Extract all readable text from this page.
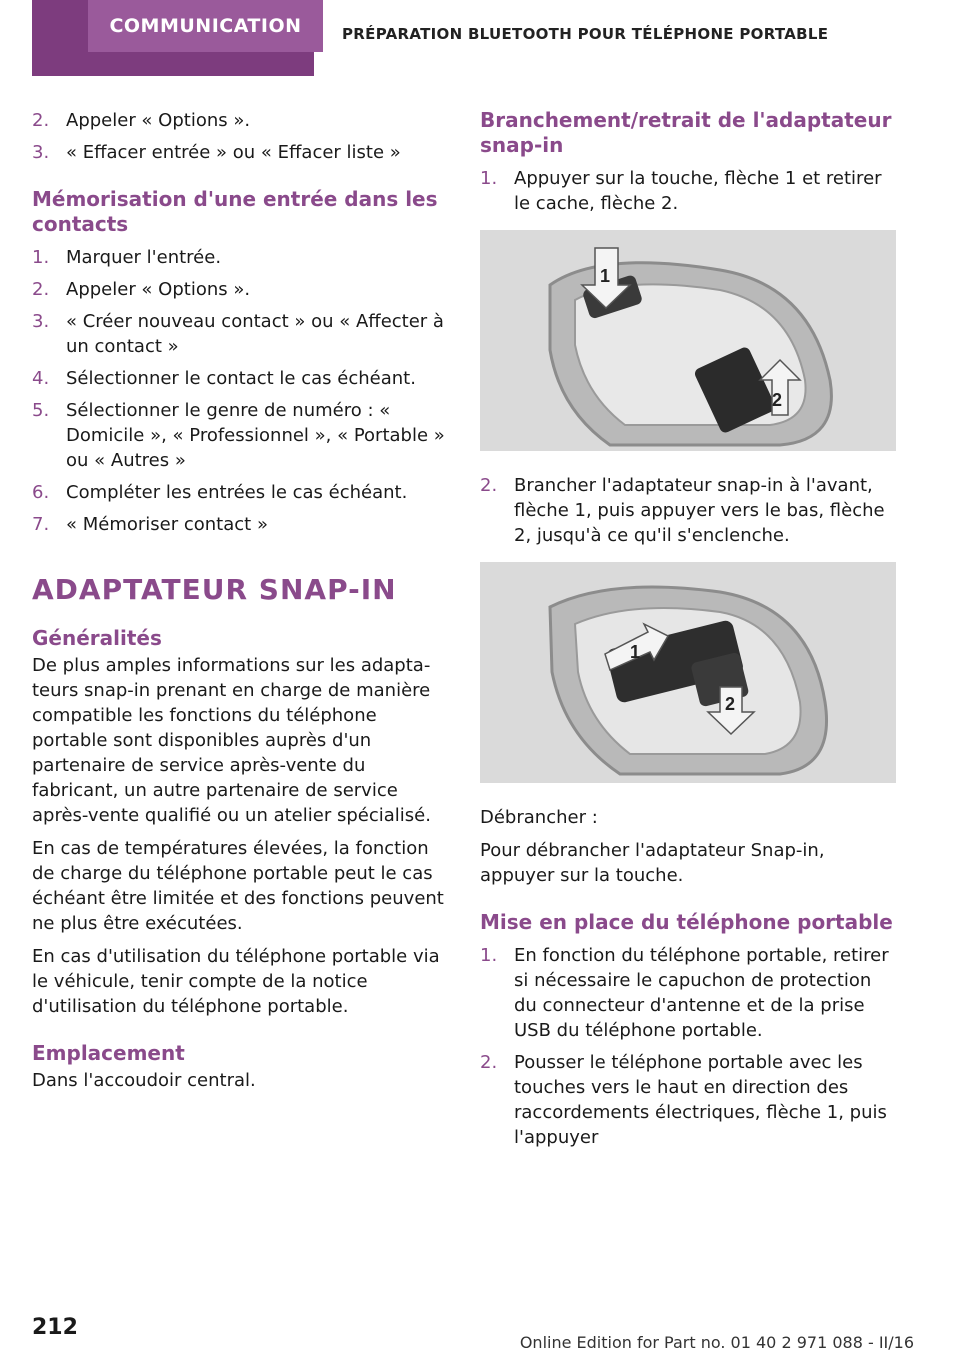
COMMUNICATION	PRÉPARATION BLUETOOTH POUR TÉLÉPHONE PORTABLE
2. Appeler « Options ».
3. « Effacer entrée » ou « Effacer liste »
Mémorisation d'une entrée dans les contacts
1. Marquer l'entrée.
2. Appeler « Options ».
3. « Créer nouveau contact » ou « Affecter à un contact »
4. Sélectionner le contact le cas échéant.
5. Sélectionner le genre de numéro : « Domicile », « Professionnel », « Portable » ou « Autres »
6. Compléter les entrées le cas échéant.
7. « Mémoriser contact »
ADAPTATEUR SNAP-IN
Généralités

De plus amples informations sur les adaptateurs snap-in prenant en charge de manière compatible les fonctions du téléphone portable sont disponibles auprès d'un partenaire de service après-vente du fabricant, un autre partenaire de service après-vente qualifié ou un atelier spécialisé.

En cas de températures élevées, la fonction de charge du téléphone portable peut le cas échéant être limitée et des fonctions peuvent ne plus être exécutées.

En cas d'utilisation du téléphone portable via le véhicule, tenir compte de la notice d'utilisation du téléphone portable.

Emplacement

Dans l'accoudoir central.

Branchement/retrait de l'adaptateur snap-in
1. Appuyer sur la touche, flèche 1 et retirer le cache, flèche 2.
1
2
2. Brancher l'adaptateur snap-in à l'avant, flèche 1, puis appuyer vers le bas, flèche 2, jusqu'à ce qu'il s'enclenche.
1
2

Débrancher :

Pour débrancher l'adaptateur Snap-in, appuyer sur la touche.

Mise en place du téléphone portable
1. En fonction du téléphone portable, retirer si nécessaire le capuchon de protection du connecteur d'antenne et de la prise USB du téléphone portable.
2. Pousser le téléphone portable avec les touches vers le haut en direction des raccordements électriques, flèche 1, puis l'appuyer
212
Online Edition for Part no. 01 40 2 971 088 - II/16
